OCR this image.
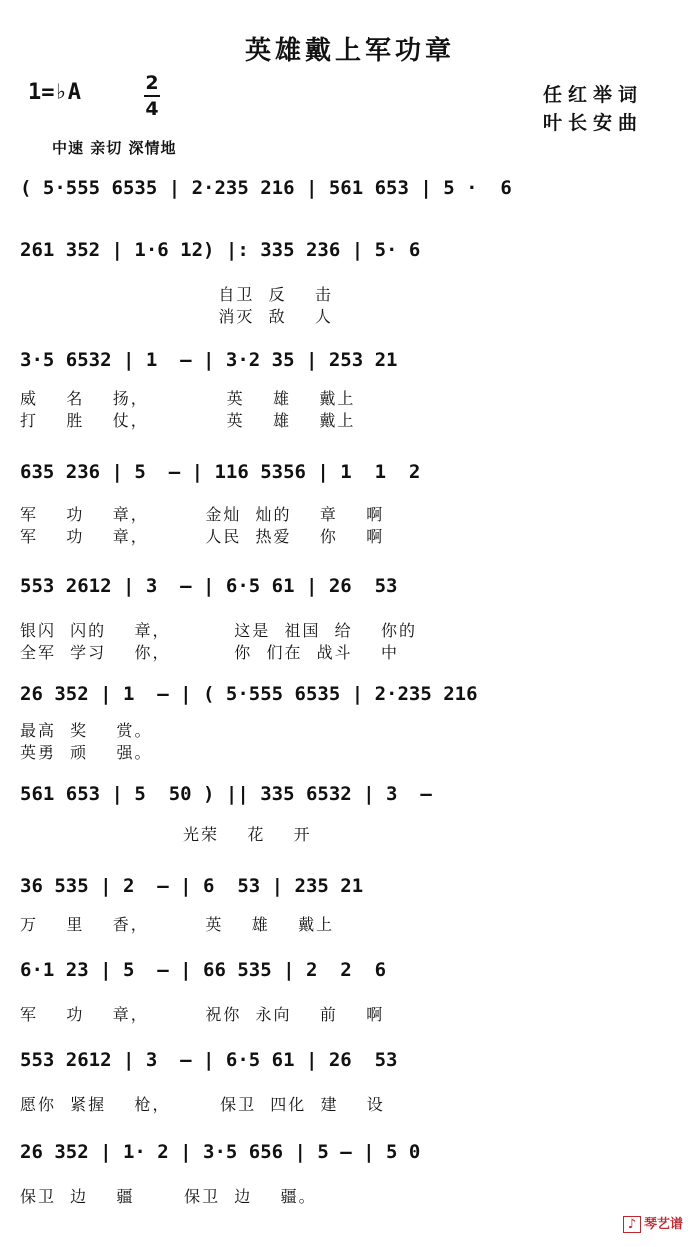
英雄戴上军功章
1=♭A	2
4
任红举词
叶长安曲
中速 亲切 深情地
( 5·555 6535 | 2·235 216 | 561 653 | 5 ·  6
261 352 | 1·6 12) |: 335 236 | 5· 6
自卫  反    击
消灭  敌    人
3·5 6532 | 1  — | 3·2 35 | 253 21
威    名    扬，           英    雄    戴上
打    胜    仗，           英    雄    戴上
635 236 | 5  — | 116 5356 | 1  1  2
军    功    章，        金灿  灿的    章    啊
军    功    章，        人民  热爱    你    啊
553 2612 | 3  — | 6·5 61 | 26  53
银闪  闪的    章，         这是  祖国  给    你的
全军  学习    你，         你  们在  战斗    中
26 352 | 1  — | ( 5·555 6535 | 2·235 216
最高  奖    赏。
英勇  顽    强。
561 653 | 5  50 ) || 335 6532 | 3  —
光荣    花    开
36 535 | 2  — | 6  53 | 235 21
万    里    香，        英    雄    戴上
6·1 23 | 5  — | 66 535 | 2  2  6
军    功    章，        祝你  永向    前    啊
553 2612 | 3  — | 6·5 61 | 26  53
愿你  紧握    枪，       保卫  四化  建    设
26 352 | 1· 2 | 3·5 656 | 5 — | 5 0
保卫  边    疆       保卫  边    疆。
♪ 琴艺谱
